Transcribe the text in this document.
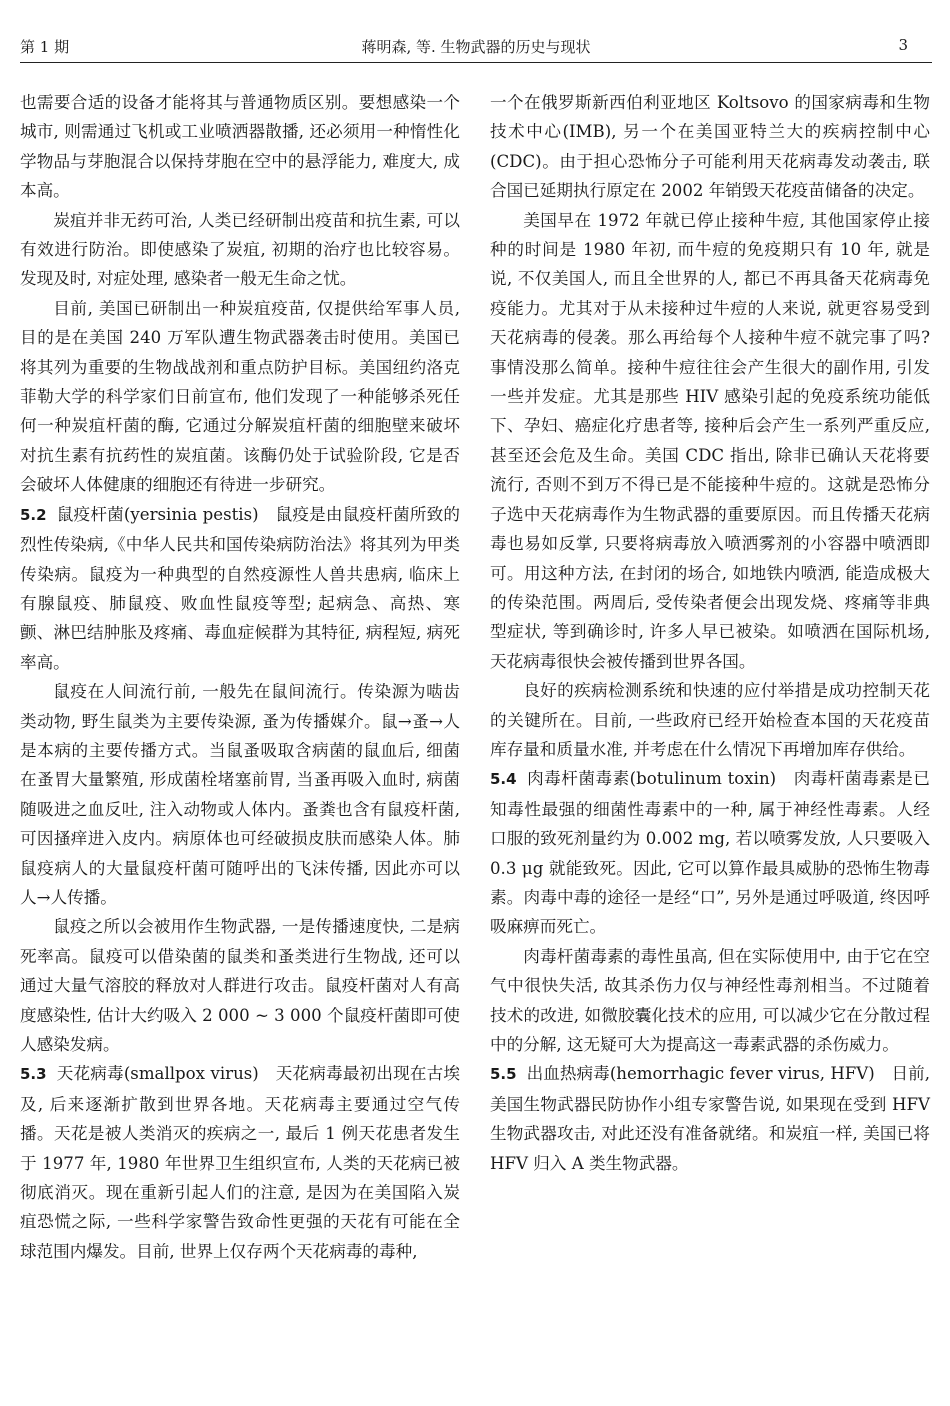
第 1 期	蒋明森, 等. 生物武器的历史与现状	3

也需要合适的设备才能将其与普通物质区别。要想感染一个城市, 则需通过飞机或工业喷洒器散播, 还必须用一种惰性化学物品与芽胞混合以保持芽胞在空中的悬浮能力, 难度大, 成本高。

炭疽并非无药可治, 人类已经研制出疫苗和抗生素, 可以有效进行防治。即使感染了炭疽, 初期的治疗也比较容易。发现及时, 对症处理, 感染者一般无生命之忧。

目前, 美国已研制出一种炭疽疫苗, 仅提供给军事人员, 目的是在美国 240 万军队遭生物武器袭击时使用。美国已将其列为重要的生物战战剂和重点防护目标。美国纽约洛克菲勒大学的科学家们日前宣布, 他们发现了一种能够杀死任何一种炭疽杆菌的酶, 它通过分解炭疽杆菌的细胞壁来破坏对抗生素有抗药性的炭疽菌。该酶仍处于试验阶段, 它是否会破坏人体健康的细胞还有待进一步研究。

5.2 鼠疫杆菌(yersinia pestis)　鼠疫是由鼠疫杆菌所致的烈性传染病,《中华人民共和国传染病防治法》将其列为甲类传染病。鼠疫为一种典型的自然疫源性人兽共患病, 临床上有腺鼠疫、肺鼠疫、败血性鼠疫等型; 起病急、高热、寒颤、淋巴结肿胀及疼痛、毒血症候群为其特征, 病程短, 病死率高。

鼠疫在人间流行前, 一般先在鼠间流行。传染源为啮齿类动物, 野生鼠类为主要传染源, 蚤为传播媒介。鼠→蚤→人是本病的主要传播方式。当鼠蚤吸取含病菌的鼠血后, 细菌在蚤胃大量繁殖, 形成菌栓堵塞前胃, 当蚤再吸入血时, 病菌随吸进之血反吐, 注入动物或人体内。蚤粪也含有鼠疫杆菌, 可因搔痒进入皮内。病原体也可经破损皮肤而感染人体。肺鼠疫病人的大量鼠疫杆菌可随呼出的飞沫传播, 因此亦可以人→人传播。

鼠疫之所以会被用作生物武器, 一是传播速度快, 二是病死率高。鼠疫可以借染菌的鼠类和蚤类进行生物战, 还可以通过大量气溶胶的释放对人群进行攻击。鼠疫杆菌对人有高度感染性, 估计大约吸入 2 000 ~ 3 000 个鼠疫杆菌即可使人感染发病。

5.3 天花病毒(smallpox virus)　天花病毒最初出现在古埃及, 后来逐渐扩散到世界各地。天花病毒主要通过空气传播。天花是被人类消灭的疾病之一, 最后 1 例天花患者发生于 1977 年, 1980 年世界卫生组织宣布, 人类的天花病已被彻底消灭。现在重新引起人们的注意, 是因为在美国陷入炭疽恐慌之际, 一些科学家警告致命性更强的天花有可能在全球范围内爆发。目前, 世界上仅存两个天花病毒的毒种,

一个在俄罗斯新西伯利亚地区 Koltsovo 的国家病毒和生物技术中心(IMB), 另一个在美国亚特兰大的疾病控制中心(CDC)。由于担心恐怖分子可能利用天花病毒发动袭击, 联合国已延期执行原定在 2002 年销毁天花疫苗储备的决定。

美国早在 1972 年就已停止接种牛痘, 其他国家停止接种的时间是 1980 年初, 而牛痘的免疫期只有 10 年, 就是说, 不仅美国人, 而且全世界的人, 都已不再具备天花病毒免疫能力。尤其对于从未接种过牛痘的人来说, 就更容易受到天花病毒的侵袭。那么再给每个人接种牛痘不就完事了吗? 事情没那么简单。接种牛痘往往会产生很大的副作用, 引发一些并发症。尤其是那些 HIV 感染引起的免疫系统功能低下、孕妇、癌症化疗患者等, 接种后会产生一系列严重反应, 甚至还会危及生命。美国 CDC 指出, 除非已确认天花将要流行, 否则不到万不得已是不能接种牛痘的。这就是恐怖分子选中天花病毒作为生物武器的重要原因。而且传播天花病毒也易如反掌, 只要将病毒放入喷洒雾剂的小容器中喷洒即可。用这种方法, 在封闭的场合, 如地铁内喷洒, 能造成极大的传染范围。两周后, 受传染者便会出现发烧、疼痛等非典型症状, 等到确诊时, 许多人早已被染。如喷洒在国际机场, 天花病毒很快会被传播到世界各国。

良好的疾病检测系统和快速的应付举措是成功控制天花的关键所在。目前, 一些政府已经开始检查本国的天花疫苗库存量和质量水准, 并考虑在什么情况下再增加库存供给。

5.4 肉毒杆菌毒素(botulinum toxin)　肉毒杆菌毒素是已知毒性最强的细菌性毒素中的一种, 属于神经性毒素。人经口服的致死剂量约为 0.002 mg, 若以喷雾发放, 人只要吸入 0.3 μg 就能致死。因此, 它可以算作最具威胁的恐怖生物毒素。肉毒中毒的途径一是经“口”, 另外是通过呼吸道, 终因呼吸麻痹而死亡。

肉毒杆菌毒素的毒性虽高, 但在实际使用中, 由于它在空气中很快失活, 故其杀伤力仅与神经性毒剂相当。不过随着技术的改进, 如微胶囊化技术的应用, 可以减少它在分散过程中的分解, 这无疑可大为提高这一毒素武器的杀伤威力。

5.5 出血热病毒(hemorrhagic fever virus, HFV)　日前, 美国生物武器民防协作小组专家警告说, 如果现在受到 HFV 生物武器攻击, 对此还没有准备就绪。和炭疽一样, 美国已将 HFV 归入 A 类生物武器。
